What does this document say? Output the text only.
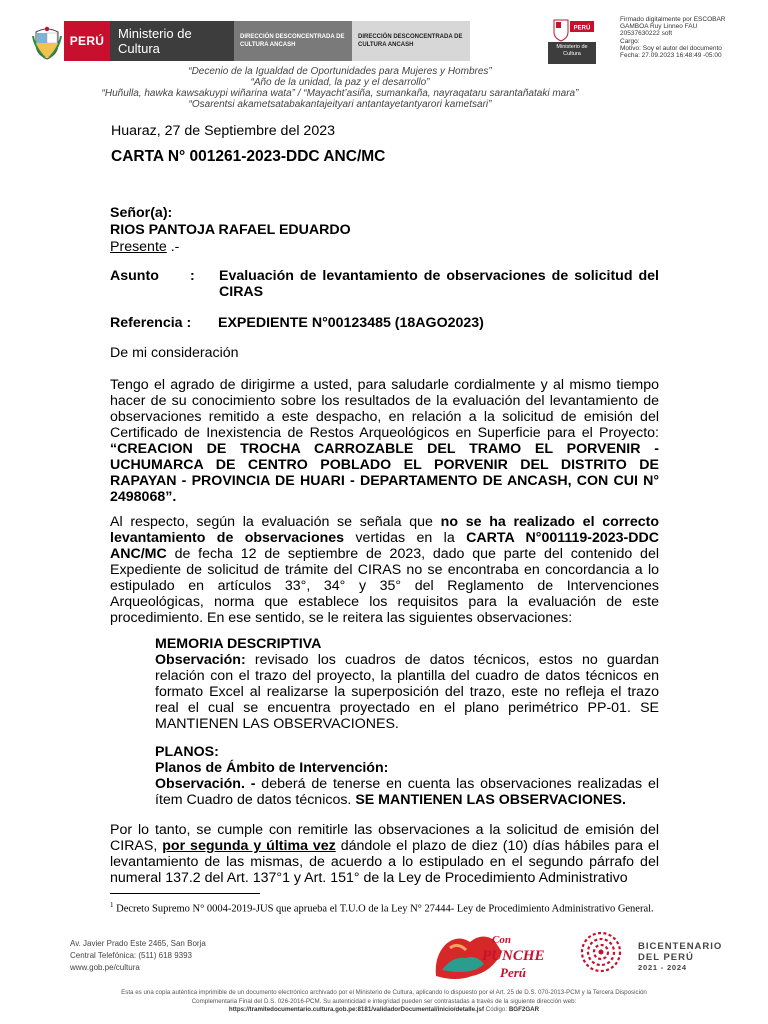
PERÚ	Ministerio de Cultura
DIRECCIÓN DESCONCENTRADA DE CULTURA ANCASH
DIRECCIÓN DESCONCENTRADA DE CULTURA ANCASH
PERÚ
Ministerio de Cultura
Firmado digitalmente por ESCOBAR
GAMBOA Ruy Linneo FAU
20537630222 soft
Cargo:
Motivo: Soy el autor del documento
Fecha: 27.09.2023 16:48:49 -05:00
“Decenio de la Igualdad de Oportunidades para Mujeres y Hombres”
“Año de la unidad, la paz y el desarrollo”
“Huñulla, hawka kawsakuypi wiñarina wata” / “Mayacht’asiña, sumankaña, nayraqataru sarantañataki mara”
“Osarentsi akametsatabakantajeityari antantayetantyarori kametsari”
Huaraz, 27 de Septiembre del 2023
CARTA N° 001261-2023-DDC ANC/MC
Señor(a):
RIOS PANTOJA RAFAEL EDUARDO
Presente .-
Asunto : Evaluación de levantamiento de observaciones de solicitud del CIRAS
Referencia : EXPEDIENTE N°00123485 (18AGO2023)
De mi consideración
Tengo el agrado de dirigirme a usted, para saludarle cordialmente y al mismo tiempo hacer de su conocimiento sobre los resultados de la evaluación del levantamiento de observaciones remitido a este despacho, en relación a la solicitud de emisión del Certificado de Inexistencia de Restos Arqueológicos en Superficie para el Proyecto: “CREACION DE TROCHA CARROZABLE DEL TRAMO EL PORVENIR - UCHUMARCA DE CENTRO POBLADO EL PORVENIR DEL DISTRITO DE RAPAYAN - PROVINCIA DE HUARI - DEPARTAMENTO DE ANCASH, CON CUI N° 2498068”.
Al respecto, según la evaluación se señala que no se ha realizado el correcto levantamiento de observaciones vertidas en la CARTA N°001119-2023-DDC ANC/MC de fecha 12 de septiembre de 2023, dado que parte del contenido del Expediente de solicitud de trámite del CIRAS no se encontraba en concordancia a lo estipulado en artículos 33°, 34° y 35° del Reglamento de Intervenciones Arqueológicas, norma que establece los requisitos para la evaluación de este procedimiento. En ese sentido, se le reitera las siguientes observaciones:
MEMORIA DESCRIPTIVA
Observación: revisado los cuadros de datos técnicos, estos no guardan relación con el trazo del proyecto, la plantilla del cuadro de datos técnicos en formato Excel al realizarse la superposición del trazo, este no refleja el trazo real el cual se encuentra proyectado en el plano perimétrico PP-01. SE MANTIENEN LAS OBSERVACIONES.
PLANOS:
Planos de Ámbito de Intervención:
Observación. - deberá de tenerse en cuenta las observaciones realizadas el ítem Cuadro de datos técnicos. SE MANTIENEN LAS OBSERVACIONES.
Por lo tanto, se cumple con remitirle las observaciones a la solicitud de emisión del CIRAS, por segunda y última vez dándole el plazo de diez (10) días hábiles para el levantamiento de las mismas, de acuerdo a lo estipulado en el segundo párrafo del numeral 137.2 del Art. 137°1 y Art. 151° de la Ley de Procedimiento Administrativo
$^1$ Decreto Supremo N° 0004-2019-JUS que aprueba el T.U.O de la Ley N° 27444- Ley de Procedimiento Administrativo General.
Av. Javier Prado Este 2465, San Borja
Central Telefónica: (511) 618 9393
www.gob.pe/cultura
Con
PUNCHE
Perú
BICENTENARIO
DEL PERÚ
2021 - 2024
Esta es una copia auténtica imprimible de un documento electrónico archivado por el Ministerio de Cultura, aplicando lo dispuesto por el Art. 25 de D.S. 070-2013-PCM y la Tercera Disposición
Complementaria Final del D.S. 026-2016-PCM. Su autenticidad e integridad pueden ser contrastadas a través de la siguiente dirección web:
https://tramitedocumentario.cultura.gob.pe:8181/validadorDocumental/inicio/detalle.jsf Código: BGF2GAR
